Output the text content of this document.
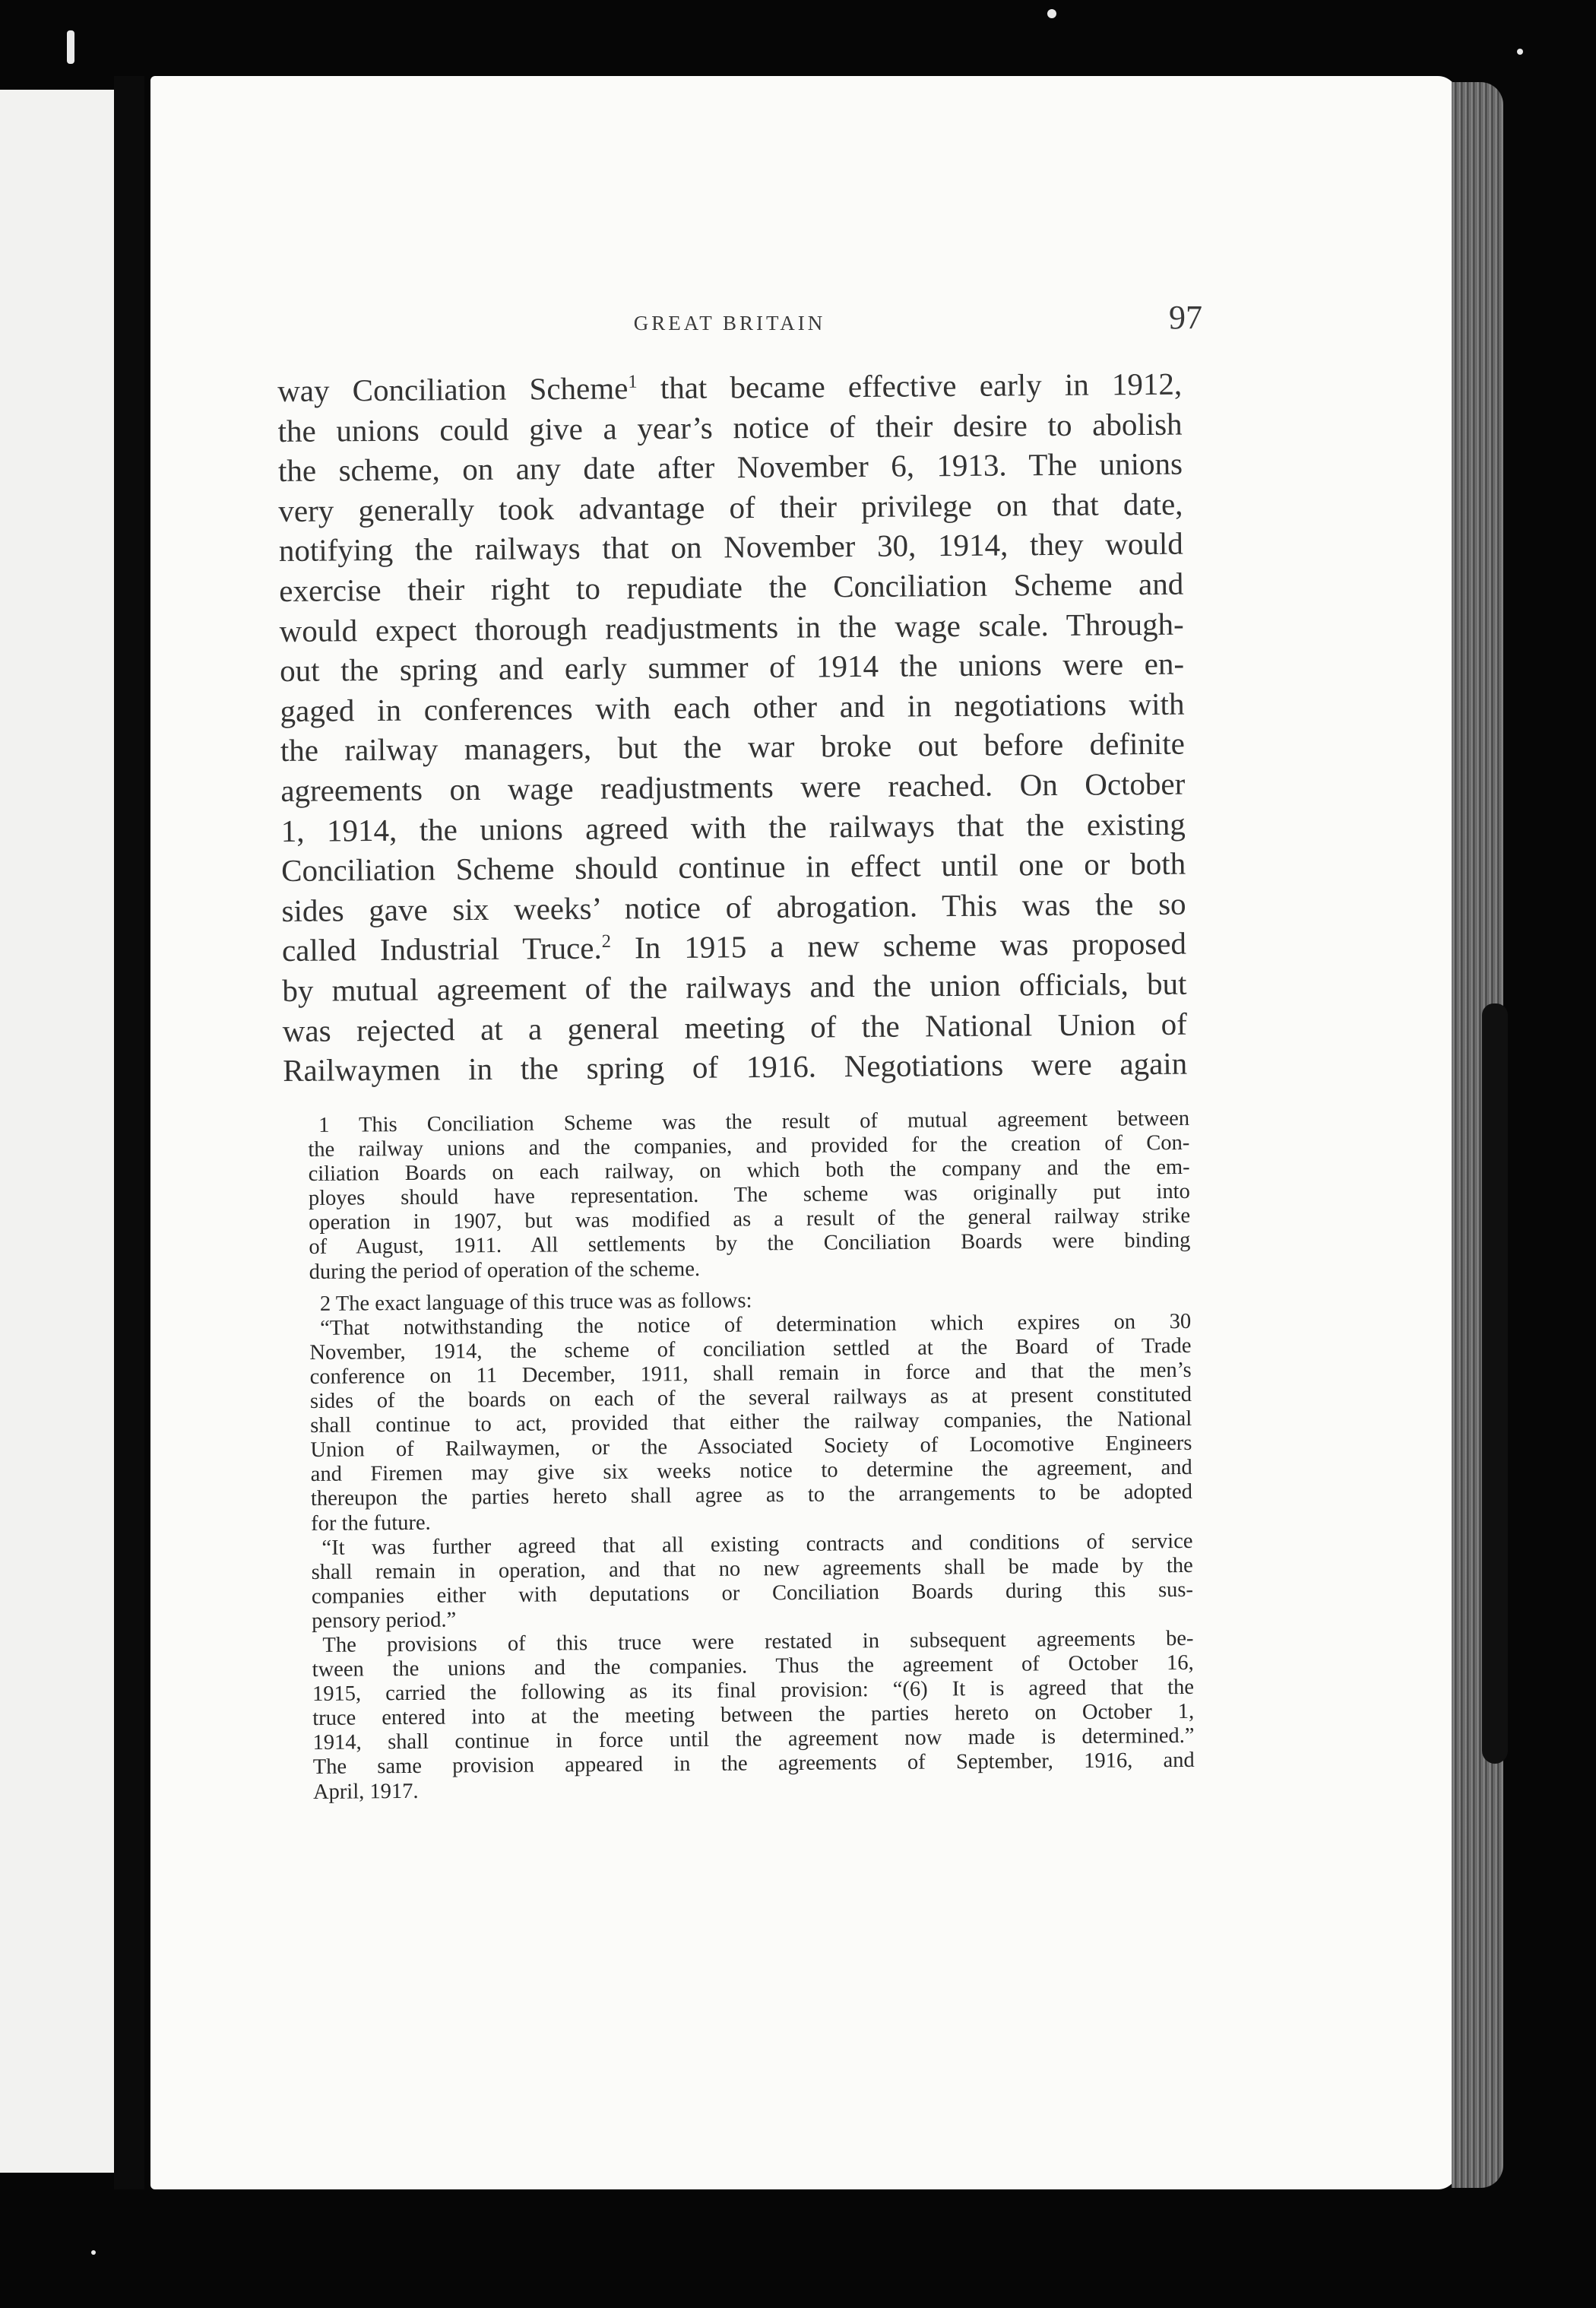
GREAT BRITAIN	97
way Conciliation Scheme$^1$ that became effective early in 1912,
the unions could give a year’s notice of their desire to abolish
the scheme, on any date after November 6, 1913. The unions
very generally took advantage of their privilege on that date,
notifying the railways that on November 30, 1914, they would
exercise their right to repudiate the Conciliation Scheme and
would expect thorough readjustments in the wage scale. Through-
out the spring and early summer of 1914 the unions were en-
gaged in conferences with each other and in negotiations with
the railway managers, but the war broke out before definite
agreements on wage readjustments were reached. On October
1, 1914, the unions agreed with the railways that the existing
Conciliation Scheme should continue in effect until one or both
sides gave six weeks’ notice of abrogation. This was the so
called Industrial Truce.$^2$ In 1915 a new scheme was proposed
by mutual agreement of the railways and the union officials, but
was rejected at a general meeting of the National Union of
Railwaymen in the spring of 1916. Negotiations were again
1 This Conciliation Scheme was the result of mutual agreement between
the railway unions and the companies, and provided for the creation of Con-
ciliation Boards on each railway, on which both the company and the em-
ployes should have representation. The scheme was originally put into
operation in 1907, but was modified as a result of the general railway strike
of August, 1911. All settlements by the Conciliation Boards were binding
during the period of operation of the scheme.
2 The exact language of this truce was as follows:
“That notwithstanding the notice of determination which expires on 30
November, 1914, the scheme of conciliation settled at the Board of Trade
conference on 11 December, 1911, shall remain in force and that the men’s
sides of the boards on each of the several railways as at present constituted
shall continue to act, provided that either the railway companies, the National
Union of Railwaymen, or the Associated Society of Locomotive Engineers
and Firemen may give six weeks notice to determine the agreement, and
thereupon the parties hereto shall agree as to the arrangements to be adopted
for the future.
“It was further agreed that all existing contracts and conditions of service
shall remain in operation, and that no new agreements shall be made by the
companies either with deputations or Conciliation Boards during this sus-
pensory period.”
The provisions of this truce were restated in subsequent agreements be-
tween the unions and the companies. Thus the agreement of October 16,
1915, carried the following as its final provision: “(6) It is agreed that the
truce entered into at the meeting between the parties hereto on October 1,
1914, shall continue in force until the agreement now made is determined.”
The same provision appeared in the agreements of September, 1916, and
April, 1917.
